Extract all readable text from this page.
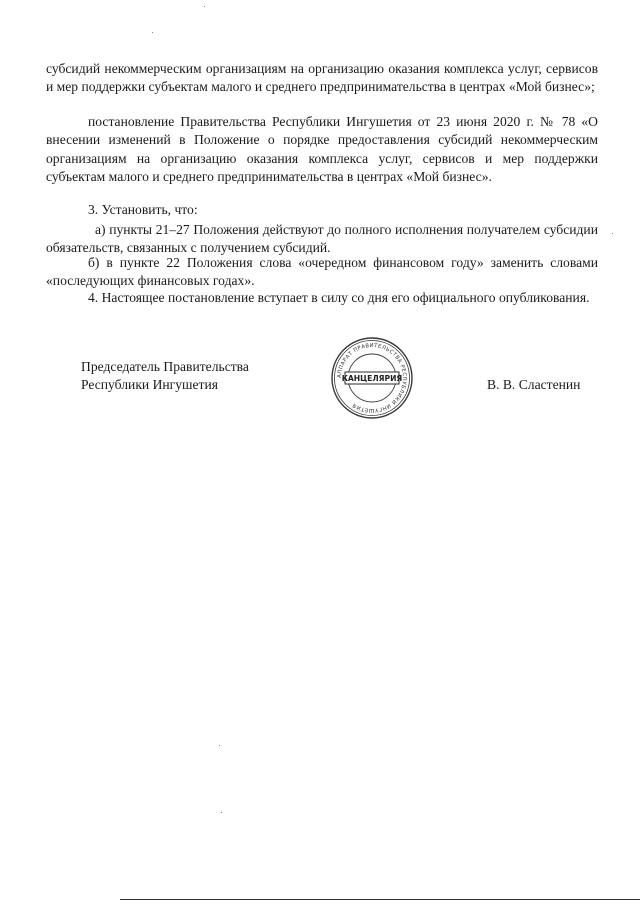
субсидий некоммерческим организациям на организацию оказания комплекса услуг, сервисов и мер поддержки субъектам малого и среднего предпринимательства в центрах «Мой бизнес»;

постановление Правительства Республики Ингушетия от 23 июня 2020 г. № 78 «О внесении изменений в Положение о порядке предоставления субсидий некоммерческим организациям на организацию оказания комплекса услуг, сервисов и мер поддержки субъектам малого и среднего предпринимательства в центрах «Мой бизнес».

3. Установить, что:

а) пункты 21–27 Положения действуют до полного исполнения получателем субсидии обязательств, связанных с получением субсидий.

б) в пункте 22 Положения слова «очередном финансовом году» заменить словами «последующих финансовых годах».

4. Настоящее постановление вступает в силу со дня его официального опубликования.

Председатель Правительства
Республики Ингушетия
АППАРАТ ПРАВИТЕЛЬСТВА РЕСПУБЛИКИ ИНГУШЕТИЯ
КАНЦЕЛЯРИЯ	В. В. Сластенин
